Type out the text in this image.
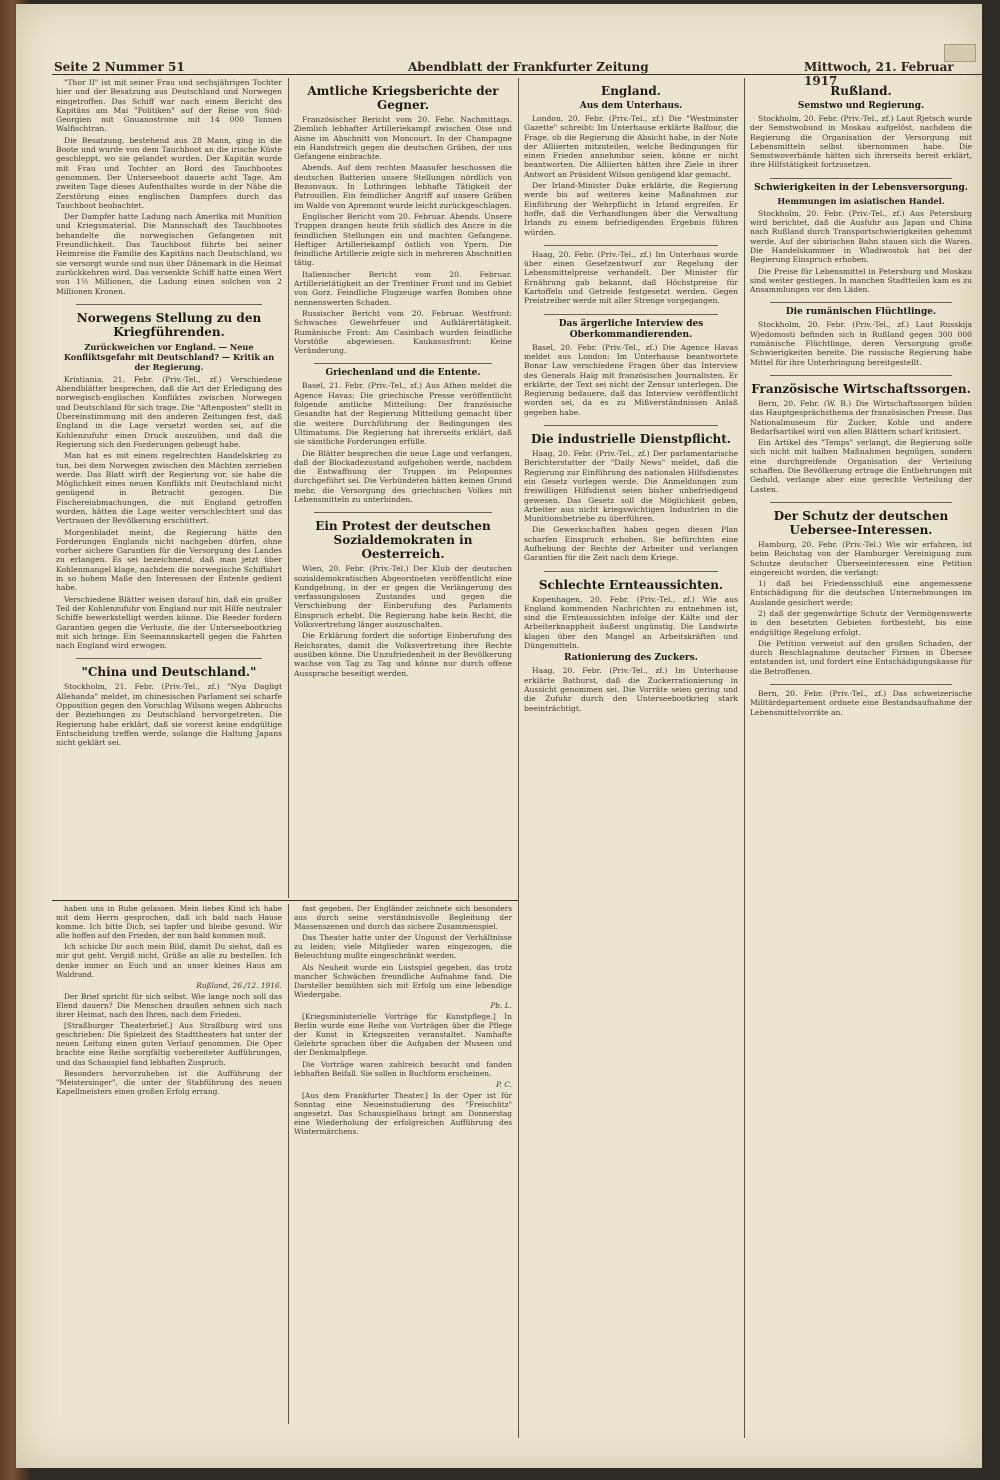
Seite 2 Nummer 51	Abendblatt der Frankfurter Zeitung	Mittwoch, 21. Februar 1917

"Thor II" ist mit seiner Frau und sechsjährigen Tochter hier und der Besatzung aus Deutschland und Norwegen eingetroffen. Das Schiff war nach einem Bericht des Kapitäns am Mai "Politiken" auf der Reise von Süd-Georgien mit Gnuanostrone mit 14 000 Tonnen Walfischtran.

Die Besatzung, bestehend aus 28 Mann, ging in die Boote und wurde von dem Tauchboot an die irische Küste geschleppt, wo sie gelandet wurden. Der Kapitän wurde mit Frau und Tochter an Bord des Tauchbootes genommen. Der Unterseeboot dauerte acht Tage. Am zweiten Tage dieses Aufenthaltes wurde in der Nähe die Zerstörung eines englischen Dampfers durch das Tauchboot beobachtet.

Der Dampfer hatte Ladung nach Amerika mit Munition und Kriegsmaterial. Die Mannschaft des Tauchbootes behandelte die norwegischen Gefangenen mit Freundlichkeit. Das Tauchboot führte bei seiner Heimreise die Familie des Kapitäns nach Deutschland, wo sie versorgt wurde und nun über Dänemark in die Heimat zurückkehren wird. Das versenkte Schiff hatte einen Wert von 1½ Millionen, die Ladung einen solchen von 2 Millionen Kronen.

Norwegens Stellung zu den Kriegführenden.
Zurückweichen vor England. — Neue Konfliktsgefahr mit Deutschland? — Kritik an der Regierung.

Kristiania, 21. Febr. (Priv.-Tel., zf.) Verschiedene Abendblätter besprechen, daß die Art der Erledigung des norwegisch-englischen Konfliktes zwischen Norwegen und Deutschland für sich trage. Die "Aftenposten" stellt in Übereinstimmung mit den anderen Zeitungen fest, daß England in die Lage versetzt worden sei, auf die Kohlenzufuhr einen Druck auszuüben, und daß die Regierung sich den Forderungen gebeugt habe.

Man hat es mit einem regelrechten Handelskrieg zu tun, bei dem Norwegen zwischen den Mächten zerrieben werde. Das Blatt wirft der Regierung vor, sie habe die Möglichkeit eines neuen Konflikts mit Deutschland nicht genügend in Betracht gezogen. Die Fischereiabmachungen, die mit England getroffen wurden, hätten die Lage weiter verschlechtert und das Vertrauen der Bevölkerung erschüttert.

Morgenbladet meint, die Regierung hätte den Forderungen Englands nicht nachgeben dürfen, ohne vorher sichere Garantien für die Versorgung des Landes zu erlangen. Es sei bezeichnend, daß man jetzt über Kohlenmangel klage, nachdem die norwegische Schiffahrt in so hohem Maße den Interessen der Entente gedient habe.

Verschiedene Blätter weisen darauf hin, daß ein großer Teil der Kohlenzufuhr von England nur mit Hilfe neutraler Schiffe bewerkstelligt werden könne. Die Reeder fordern Garantien gegen die Verluste, die der Unterseebootkrieg mit sich bringe. Ein Seemannskartell gegen die Fahrten nach England wird erwogen.

"China und Deutschland."

Stockholm, 21. Febr. (Priv.-Tel., zf.) "Nya Dagligt Allehanda" meldet, im chinesischen Parlament sei scharfe Opposition gegen den Vorschlag Wilsons wegen Abbruchs der Beziehungen zu Deutschland hervorgetreten. Die Regierung habe erklärt, daß sie vorerst keine endgültige Entscheidung treffen werde, solange die Haltung Japans nicht geklärt sei.

Amtliche Kriegsberichte der Gegner.

Französischer Bericht vom 20. Febr. Nachmittags. Ziemlich lebhafter Artilleriekampf zwischen Oise und Aisne im Abschnitt von Moncourt. In der Champagne ein Handstreich gegen die deutschen Gräben, der uns Gefangene einbrachte.

Abends. Auf dem rechten Maasufer beschossen die deutschen Batterien unsere Stellungen nördlich von Bezonvaux. In Lothringen lebhafte Tätigkeit der Patrouillen. Ein feindlicher Angriff auf unsere Gräben im Walde von Apremont wurde leicht zurückgeschlagen.

Englischer Bericht vom 20. Februar. Abends. Unsere Truppen drangen heute früh südlich des Ancre in die feindlichen Stellungen ein und machten Gefangene. Heftiger Artilleriekampf östlich von Ypern. Die feindliche Artillerie zeigte sich in mehreren Abschnitten tätig.

Italienischer Bericht vom 20. Februar. Artillerietätigkeit an der Trentiner Front und im Gebiet von Gorz. Feindliche Flugzeuge warfen Bomben ohne nennenswerten Schaden.

Russischer Bericht vom 20. Februar. Westfront: Schwaches Gewehrfeuer und Aufklärertätigkeit. Rumänische Front: Am Casinbach wurden feindliche Vorstöße abgewiesen. Kaukasusfront: Keine Veränderung.

Griechenland und die Entente.

Basel, 21. Febr. (Priv.-Tel., zf.) Aus Athen meldet die Agence Havas: Die griechische Presse veröffentlicht folgende amtliche Mitteilung: Der französische Gesandte hat der Regierung Mitteilung gemacht über die weitere Durchführung der Bedingungen des Ultimatums. Die Regierung hat ihrerseits erklärt, daß sie sämtliche Forderungen erfülle.

Die Blätter besprechen die neue Lage und verlangen, daß der Blockadezustand aufgehoben werde, nachdem die Entwaffnung der Truppen im Peloponnes durchgeführt sei. Die Verbündeten hätten keinen Grund mehr, die Versorgung des griechischen Volkes mit Lebensmitteln zu unterbinden.

Ein Protest der deutschen Sozialdemokraten in Oesterreich.

Wien, 20. Febr. (Priv.-Tel.) Der Klub der deutschen sozialdemokratischen Abgeordneten veröffentlicht eine Kundgebung, in der er gegen die Verlängerung des verfassungslosen Zustandes und gegen die Verschiebung der Einberufung des Parlaments Einspruch erhebt. Die Regierung habe kein Recht, die Volksvertretung länger auszuschalten.

Die Erklärung fordert die sofortige Einberufung des Reichsrates, damit die Volksvertretung ihre Rechte ausüben könne. Die Unzufriedenheit in der Bevölkerung wachse von Tag zu Tag und könne nur durch offene Aussprache beseitigt werden.

England.
Aus dem Unterhaus.

London, 20. Febr. (Priv.-Tel., zf.) Die "Westminster Gazette" schreibt: Im Unterhause erklärte Balfour, die Frage, ob die Regierung die Absicht habe, in der Note der Alliierten mitzuteilen, welche Bedingungen für einen Frieden annehmbar seien, könne er nicht beantworten. Die Alliierten hätten ihre Ziele in ihrer Antwort an Präsident Wilson genügend klar gemacht.

Der Irland-Minister Duke erklärte, die Regierung werde bis auf weiteres keine Maßnahmen zur Einführung der Wehrpflicht in Irland ergreifen. Er hoffe, daß die Verhandlungen über die Verwaltung Irlands zu einem befriedigenden Ergebnis führen würden.

Haag, 20. Febr. (Priv.-Tel., zf.) Im Unterhaus wurde über einen Gesetzentwurf zur Regelung der Lebensmittelpreise verhandelt. Der Minister für Ernährung gab bekannt, daß Höchstpreise für Kartoffeln und Getreide festgesetzt werden. Gegen Preistreiber werde mit aller Strenge vorgegangen.

Das ärgerliche Interview des Oberkommandierenden.

Basel, 20. Febr. (Priv.-Tel., zf.) Die Agence Havas meldet aus London: Im Unterhause beantwortete Bonar Law verschiedene Fragen über das Interview des Generals Haig mit französischen Journalisten. Er erklärte, der Text sei nicht der Zensur unterlegen. Die Regierung bedauere, daß das Interview veröffentlicht worden sei, da es zu Mißverständnissen Anlaß gegeben habe.

Die industrielle Dienstpflicht.

Haag, 20. Febr. (Priv.-Tel., zf.) Der parlamentarische Berichterstatter der "Daily News" meldet, daß die Regierung zur Einführung des nationalen Hilfsdienstes ein Gesetz vorlegen werde. Die Anmeldungen zum freiwilligen Hilfsdienst seien bisher unbefriedigend gewesen. Das Gesetz soll die Möglichkeit geben, Arbeiter aus nicht kriegswichtigen Industrien in die Munitionsbetriebe zu überführen.

Die Gewerkschaften haben gegen diesen Plan scharfen Einspruch erhoben. Sie befürchten eine Aufhebung der Rechte der Arbeiter und verlangen Garantien für die Zeit nach dem Kriege.

Schlechte Ernteaussichten.

Kopenhagen, 20. Febr. (Priv.-Tel., zf.) Wie aus England kommenden Nachrichten zu entnehmen ist, sind die Ernteaussichten infolge der Kälte und der Arbeiterknappheit äußerst ungünstig. Die Landwirte klagen über den Mangel an Arbeitskräften und Düngemitteln.

Rationierung des Zuckers.

Haag, 20. Febr. (Priv.-Tel., zf.) Im Unterhause erklärte Bathurst, daß die Zuckerrationierung in Aussicht genommen sei. Die Vorräte seien gering und die Zufuhr durch den Unterseebootkrieg stark beeinträchtigt.

Rußland.
Semstwo und Regierung.

Stockholm, 20. Febr. (Priv.-Tel., zf.) Laut Rjetsch wurde der Semstwobund in Moskau aufgelöst, nachdem die Regierung die Organisation der Versorgung mit Lebensmitteln selbst übernommen habe. Die Semstwoverbände hätten sich ihrerseits bereit erklärt, ihre Hilfstätigkeit fortzusetzen.

Schwierigkeiten in der Lebensversorgung.
Hemmungen im asiatischen Handel.

Stockholm, 20. Febr. (Priv.-Tel., zf.) Aus Petersburg wird berichtet, daß die Ausfuhr aus Japan und China nach Rußland durch Transportschwierigkeiten gehemmt werde. Auf der sibirischen Bahn stauen sich die Waren. Die Handelskammer in Wladiwostok hat bei der Regierung Einspruch erhoben.

Die Preise für Lebensmittel in Petersburg und Moskau sind weiter gestiegen. In manchen Stadtteilen kam es zu Ansammlungen vor den Läden.

Die rumänischen Flüchtlinge.

Stockholm, 20. Febr. (Priv.-Tel., zf.) Laut Russkija Wjedomosti befinden sich in Rußland gegen 300 000 rumänische Flüchtlinge, deren Versorgung große Schwierigkeiten bereite. Die russische Regierung habe Mittel für ihre Unterbringung bereitgestellt.

Französische Wirtschaftssorgen.

Bern, 20. Febr. (W. B.) Die Wirtschaftssorgen bilden das Hauptgesprächsthema der französischen Presse. Das Nationalmuseum für Zucker, Kohle und andere Bedarfsartikel wird von allen Blättern scharf kritisiert.

Ein Artikel des "Temps" verlangt, die Regierung solle sich nicht mit halben Maßnahmen begnügen, sondern eine durchgreifende Organisation der Verteilung schaffen. Die Bevölkerung ertrage die Entbehrungen mit Geduld, verlange aber eine gerechte Verteilung der Lasten.

Der Schutz der deutschen Uebersee-Interessen.

Hamburg, 20. Febr. (Priv.-Tel.) Wie wir erfahren, ist beim Reichstag von der Hamburger Vereinigung zum Schutze deutscher Überseeinteressen eine Petition eingereicht worden, die verlangt:

1) daß bei Friedensschluß eine angemessene Entschädigung für die deutschen Unternehmungen im Auslande gesichert werde;

2) daß der gegenwärtige Schutz der Vermögenswerte in den besetzten Gebieten fortbesteht, bis eine endgültige Regelung erfolgt.

Die Petition verweist auf den großen Schaden, der durch Beschlagnahme deutscher Firmen in Übersee entstanden ist, und fordert eine Entschädigungskasse für die Betroffenen.

Bern, 20. Febr. (Priv.-Tel., zf.) Das schweizerische Militärdepartement ordnete eine Bestandsaufnahme der Lebensmittelvorräte an.

haben uns in Ruhe gelassen. Mein liebes Kind ich habe mit dem Herrn gesprochen, daß ich bald nach Hause komme. Ich bitte Dich, sei tapfer und bleibe gesund. Wir alle hoffen auf den Frieden, der nun bald kommen muß.

Ich schicke Dir auch mein Bild, damit Du siehst, daß es mir gut geht. Vergiß nicht, Grüße an alle zu bestellen. Ich denke immer an Euch und an unser kleines Haus am Waldrand.

Rußland, 26./12. 1916.

Der Brief spricht für sich selbst. Wie lange noch soll das Elend dauern? Die Menschen draußen sehnen sich nach ihrer Heimat, nach den Ihren, nach dem Frieden.

[Straßburger Theaterbrief.] Aus Straßburg wird uns geschrieben: Die Spielzeit des Stadttheaters hat unter der neuen Leitung einen guten Verlauf genommen. Die Oper brachte eine Reihe sorgfältig vorbereiteter Aufführungen, und das Schauspiel fand lebhaften Zuspruch.

Besonders hervorzuheben ist die Aufführung der "Meistersinger", die unter der Stabführung des neuen Kapellmeisters einen großen Erfolg errang.

fast gegeben. Der Engländer zeichnete sich besonders aus durch seine verständnisvolle Begleitung der Massenszenen und durch das sichere Zusammenspiel.

Das Theater hatte unter der Ungunst der Verhältnisse zu leiden; viele Mitglieder waren eingezogen, die Beleuchtung mußte eingeschränkt werden.

Als Neuheit wurde ein Lustspiel gegeben, das trotz mancher Schwächen freundliche Aufnahme fand. Die Darsteller bemühten sich mit Erfolg um eine lebendige Wiedergabe.

Pb. L.

[Kriegsministerielle Vorträge für Kunstpflege.] In Berlin wurde eine Reihe von Vorträgen über die Pflege der Kunst in Kriegszeiten veranstaltet. Namhafte Gelehrte sprachen über die Aufgaben der Museen und der Denkmalpflege.

Die Vorträge waren zahlreich besucht und fanden lebhaften Beifall. Sie sollen in Buchform erscheinen.

P. C.

[Aus dem Frankfurter Theater.] In der Oper ist für Sonntag eine Neueinstudierung des "Freischütz" angesetzt. Das Schauspielhaus bringt am Donnerstag eine Wiederholung der erfolgreichen Aufführung des Wintermärchens.
